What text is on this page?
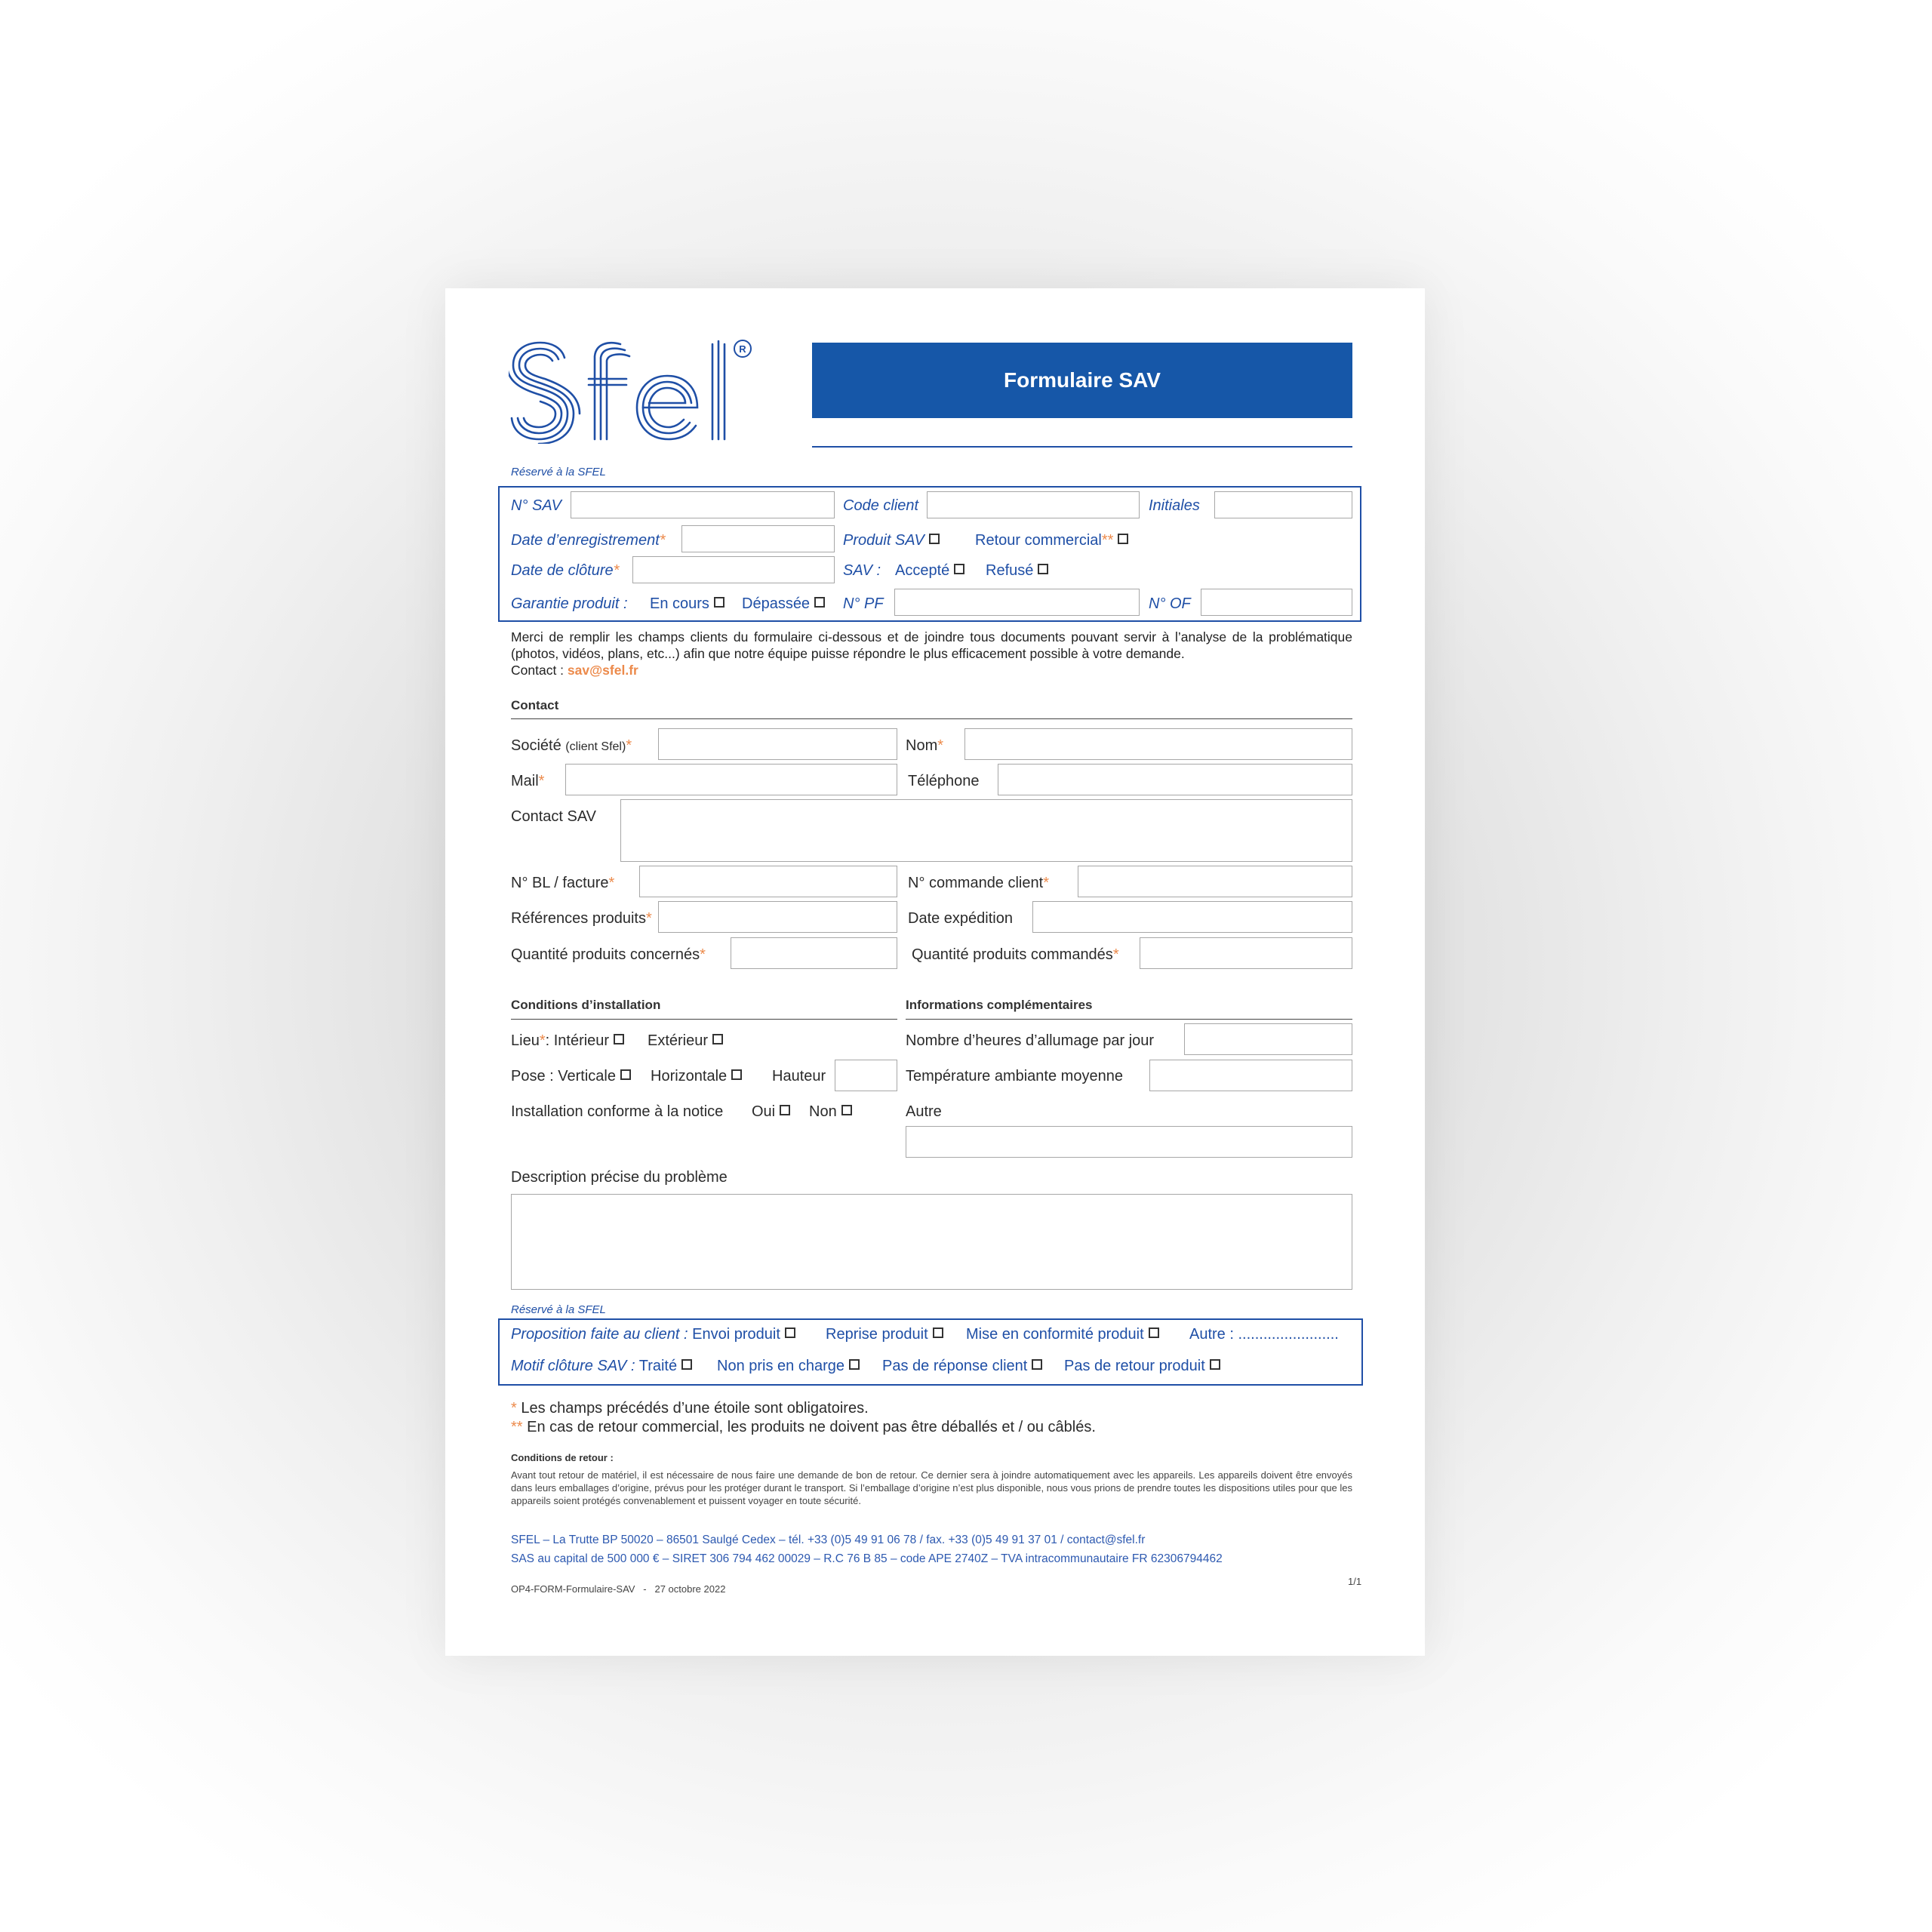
R
Formulaire SAV
Réservé à la SFEL
N° SAV	Code client	Initiales
Date d’enregistrement*	Produit SAV	Retour commercial**
Date de clôture*	SAV : Accepté	Refusé
Garantie produit : En cours	Dépassée	N° PF	N° OF
Merci de remplir les champs clients du formulaire ci-dessous et de joindre tous documents pouvant servir à l’analyse de la problématique (photos, vidéos, plans, etc...) afin que notre équipe puisse répondre le plus efficacement possible à votre demande.
Contact : sav@sfel.fr
Contact
Société (client Sfel)*	Nom*
Mail*	Téléphone
Contact SAV
N° BL / facture*	N° commande client*
Références produits*	Date expédition
Quantité produits concernés*	Quantité produits commandés*
Conditions d’installation
Lieu*: Intérieur	Extérieur
Pose : Verticale	Horizontale	Hauteur
Installation conforme à la notice Oui	Non
Informations complémentaires
Nombre d’heures d’allumage par jour
Température ambiante moyenne
Autre
Description précise du problème
Réservé à la SFEL
Proposition faite au client : Envoi produit	Reprise produit	Mise en conformité produit	Autre : ........................
Motif clôture SAV : Traité	Non pris en charge	Pas de réponse client	Pas de retour produit
* Les champs précédés d’une étoile sont obligatoires.
** En cas de retour commercial, les produits ne doivent pas être déballés et / ou câblés.
Conditions de retour :
Avant tout retour de matériel, il est nécessaire de nous faire une demande de bon de retour. Ce dernier sera à joindre automatiquement avec les appareils. Les appareils doivent être envoyés dans leurs emballages d’origine, prévus pour les protéger durant le transport. Si l’emballage d’origine n’est plus disponible, nous vous prions de prendre toutes les dispositions utiles pour que les appareils soient protégés convenablement et puissent voyager en toute sécurité.
SFEL – La Trutte BP 50020 – 86501 Saulgé Cedex – tél. +33 (0)5 49 91 06 78 / fax. +33 (0)5 49 91 37 01 / contact@sfel.fr
SAS au capital de 500 000 € – SIRET 306 794 462 00029 – R.C 76 B 85 – code APE 2740Z – TVA intracommunautaire FR 62306794462
OP4-FORM-Formulaire-SAV - 27 octobre 2022
1/1
